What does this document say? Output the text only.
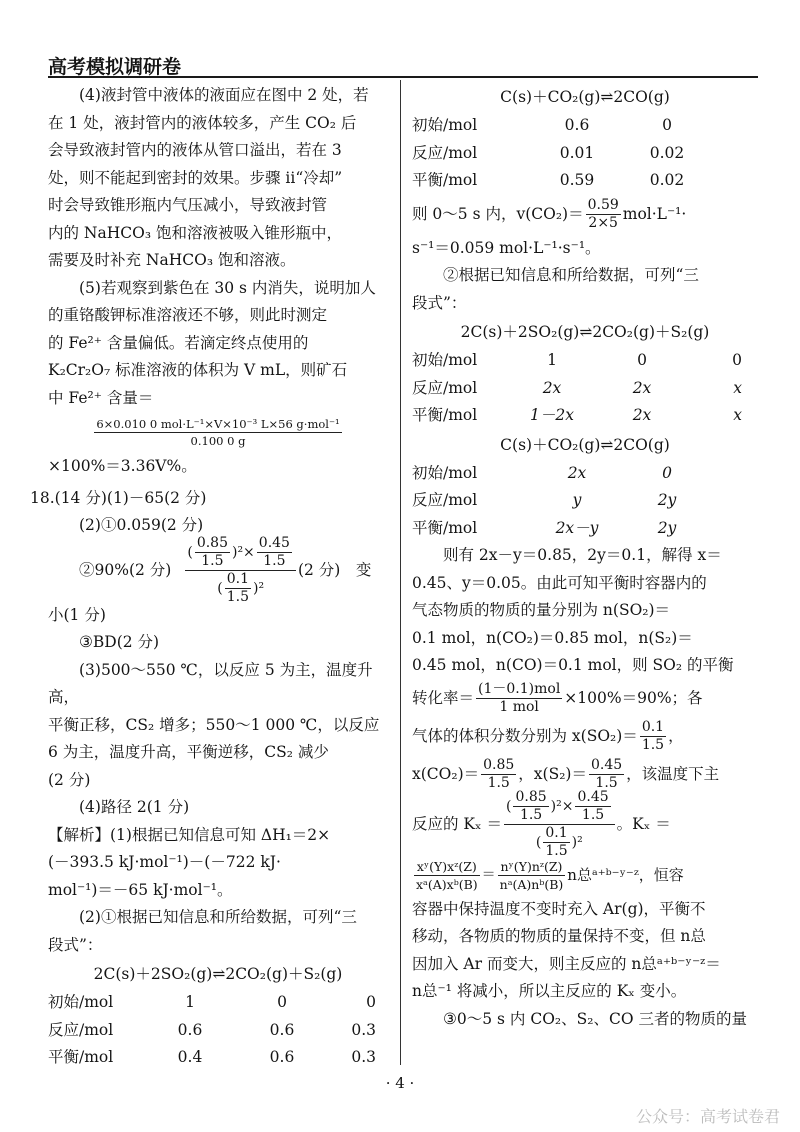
高考模拟调研卷

(4)液封管中液体的液面应在图中 2 处，若

在 1 处，液封管内的液体较多，产生 CO₂ 后

会导致液封管内的液体从管口溢出，若在 3

处，则不能起到密封的效果。步骤 ii“冷却”

时会导致锥形瓶内气压减小，导致液封管

内的 NaHCO₃ 饱和溶液被吸入锥形瓶中，

需要及时补充 NaHCO₃ 饱和溶液。

(5)若观察到紫色在 30 s 内消失，说明加人

的重铬酸钾标准溶液还不够，则此时测定

的 Fe²⁺ 含量偏低。若滴定终点使用的

K₂Cr₂O₇ 标准溶液的体积为 V mL，则矿石

中 Fe²⁺ 含量＝

$\frac{\text{6×0.010 0 mol·L⁻¹×V×10⁻³ L×56 g·mol⁻¹}}{0.100 0 g}$

×100%＝3.36V%。

18.(14 分)(1)－65(2 分)

(2)①0.059(2 分)

②90%(2 分) $\frac{( \frac{0.85}{1.5} )^2\times \frac{0.45}{1.5}}{( \frac{0.1}{1.5} )^2} (2$ 分)　变

小(1 分)

③BD(2 分)

(3)500～550 ℃，以反应 5 为主，温度升高，

平衡正移，CS₂ 增多；550～1 000 ℃，以反应

6 为主，温度升高，平衡逆移，CS₂ 减少

(2 分)

(4)路径 2(1 分)

【解析】(1)根据已知信息可知 ΔH₁＝2×

(－393.5 kJ·mol⁻¹)－(－722 kJ·

mol⁻¹)＝－65 kJ·mol⁻¹。

(2)①根据已知信息和所给数据，可列“三

段式”：

2C(s)＋2SO₂(g)⇌2CO₂(g)＋S₂(g)

初始/mol	1	0	0
反应/mol	0.6	0.6	0.3
平衡/mol	0.4	0.6	0.3

C(s)＋CO₂(g)⇌2CO(g)

初始/mol	0.6	0
反应/mol	0.01	0.02
平衡/mol	0.59	0.02
则 0～5 s 内，$v(CO_2)= \frac{0.59}{2\times 5} mol\cdot L^{-1}\cdot$

s⁻¹＝0.059 mol·L⁻¹·s⁻¹。

②根据已知信息和所给数据，可列“三

段式”：

2C(s)＋2SO₂(g)⇌2CO₂(g)＋S₂(g)

初始/mol	1	0	0
反应/mol	2x	2x	x
平衡/mol	1－2x	2x	x

C(s)＋CO₂(g)⇌2CO(g)

初始/mol	2x	0
反应/mol	y	2y
平衡/mol	2x－y	2y

则有 2x－y＝0.85，2y＝0.1，解得 x＝

0.45、y＝0.05。由此可知平衡时容器内的

气态物质的物质的量分别为 n(SO₂)＝

0.1 mol，n(CO₂)＝0.85 mol，n(S₂)＝

0.45 mol，n(CO)＝0.1 mol，则 SO₂ 的平衡

转化率＝ $\frac{\text{(1－0.1)mol}}{\text{1 mol}} \times 100\%=90\%$；各
气体的体积分数分别为 $x(SO_2)= \frac{0.1}{1.5}$ ，
$x(CO_2)= \frac{0.85}{1.5}$ ，$x(S_2)= \frac{0.45}{1.5}$ ，该温度下主
反应的 $K_x = \frac{( \frac{0.85}{1.5} )^2\times \frac{0.45}{1.5}}{( \frac{0.1}{1.5} )^2}$ 。Kₓ ＝
$\frac{\text{xʸ(Y)xᶻ(Z)}}{\text{xᵃ(A)xᵇ(B)}} = \frac{\text{nʸ(Y)nᶻ(Z)}}{\text{nᵃ(A)nᵇ(B)}}$ n总ᵃ⁺ᵇ⁻ʸ⁻ᶻ，恒容

容器中保持温度不变时充入 Ar(g)，平衡不

移动，各物质的物质的量保持不变，但 n总

因加入 Ar 而变大，则主反应的 n总ᵃ⁺ᵇ⁻ʸ⁻ᶻ＝

n总⁻¹ 将减小，所以主反应的 Kₓ 变小。

③0～5 s 内 CO₂、S₂、CO 三者的物质的量

· 4 ·
公众号：高考试卷君
